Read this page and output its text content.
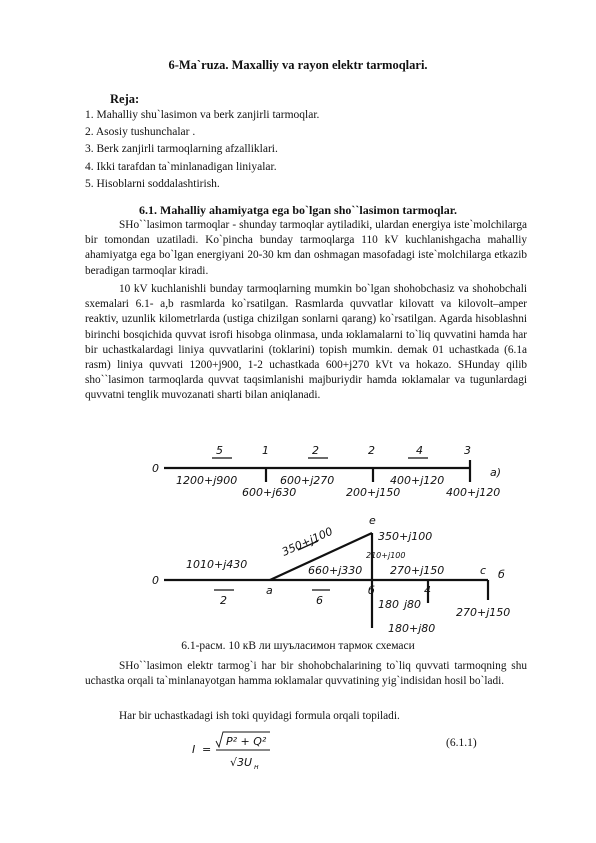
6-Ma`ruza. Maxalliy va rayon elektr tarmoqlari.
Reja:
1. Mahalliy shu`lasimon va berk zanjirli tarmoqlar.
2. Asosiy tushunchalar .
3. Berk zanjirli tarmoqlarning afzalliklari.
4. Ikki tarafdan ta`minlanadigan liniyalar.
5. Hisoblarni soddalashtirish.
6.1. Mahalliy ahamiyatga ega bo`lgan sho``lasimon tarmoqlar.

SHo``lasimon tarmoqlar - shunday tarmoqlar aytiladiki, ulardan energiya iste`molchilarga bir tomondan uzatiladi. Ko`pincha bunday tarmoqlarga 110 kV kuchlanishgacha mahalliy ahamiyatga ega bo`lgan energiyani 20-30 km dan oshmagan masofadagi iste`molchilarga etkazib beradigan tarmoqlar kiradi.

10 kV kuchlanishli bunday tarmoqlarning mumkin bo`lgan shohobchasiz va shohobchali sxemalari 6.1- a,b rasmlarda ko`rsatilgan. Rasmlarda quvvatlar kilovatt va kilovolt–amper reaktiv, uzunlik kilometrlarda (ustiga chizilgan sonlarni qarang) ko`rsatilgan. Agarda hisoblashni birinchi bosqichida quvvat isrofi hisobga olinmasa, unda юklamalarni to`liq quvvatini hamda har bir uchastkalardagi liniya quvvatlarini (toklarini) topish mumkin. demak 01 uchastkada (6.1a rasm) liniya quvvati 1200+j900, 1-2 uchastkada 600+j270 kVt va hokazo. SHunday qilib sho``lasimon tarmoqlarda quvvat taqsimlanishi majburiydir hamda юklamalar va tugunlardagi quvvatni tenglik muvozanati sharti bilan aniqlanadi.

0
5	1	2	2	4	3
1200+j900	600+j270	400+j120
600+j630	200+j150	400+j120
a)
0
1010+j430
2
a
350+j100
e
350+j100
210+j100
660+j330
6
б
270+j150	c
4
180 j80
270+j150
180+j80
б
6.1-расм. 10 кВ ли шуъласимон тармок схемаси

SHo``lasimon elektr tarmog`i har bir shohobchalarining to`liq quvvati tarmoqning shu uchastka orqali ta`minlanayotgan hamma юklamalar quvvatining yig`indisidan hosil bo`ladi.

Har bir uchastkadagi ish toki quyidagi formula orqali topiladi.

I =
P² + Q²
√3U н
(6.1.1)
